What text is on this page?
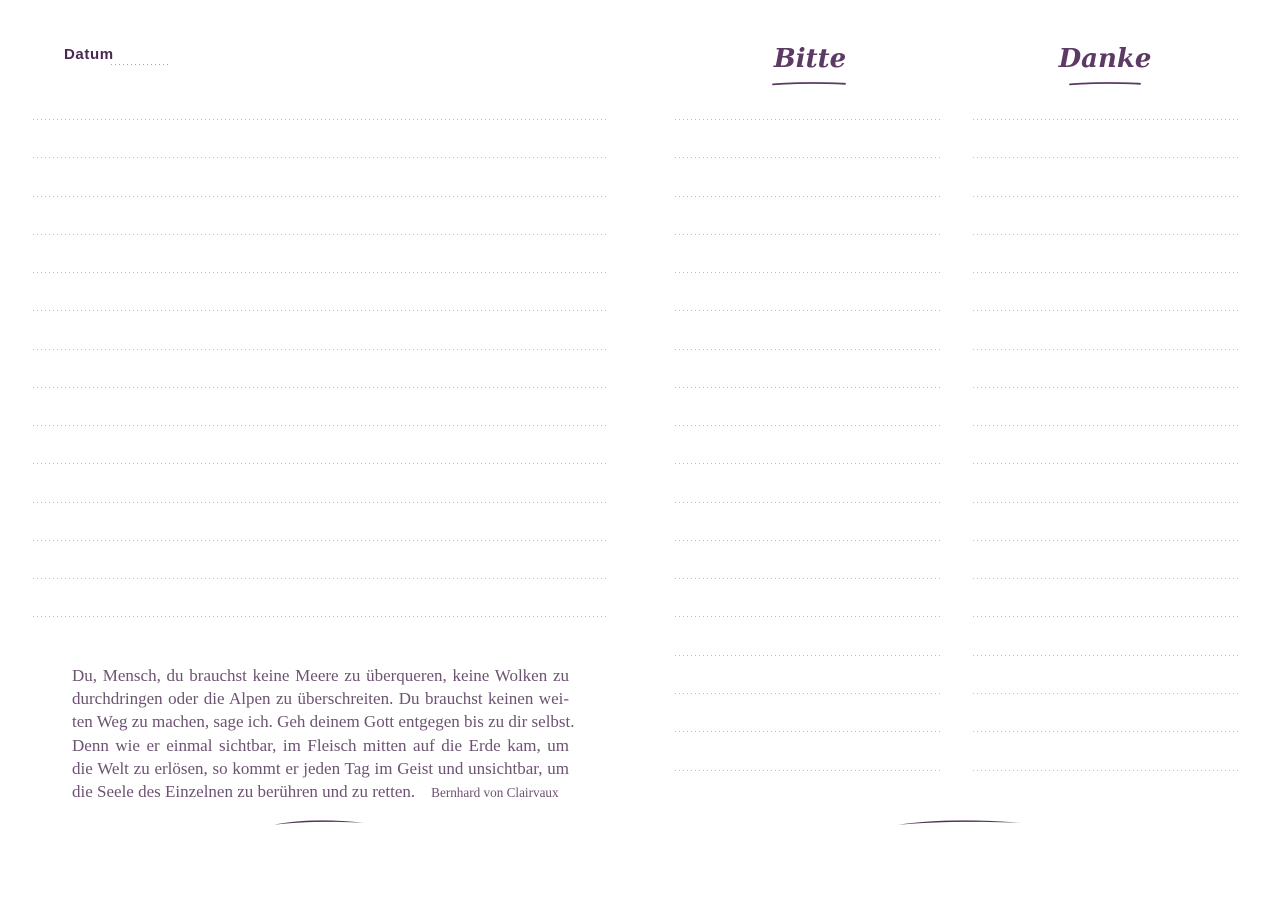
Datum
Du, Mensch, du brauchst keine Meere zu überqueren, keine Wolken zu
durchdringen oder die Alpen zu überschreiten. Du brauchst keinen wei-
ten Weg zu machen, sage ich. Geh deinem Gott entgegen bis zu dir selbst.
Denn wie er einmal sichtbar, im Fleisch mitten auf die Erde kam, um
die Welt zu erlösen, so kommt er jeden Tag im Geist und unsichtbar, um
die Seele des Einzelnen zu berühren und zu retten. Bernhard von Clairvaux
Bitte	Danke
